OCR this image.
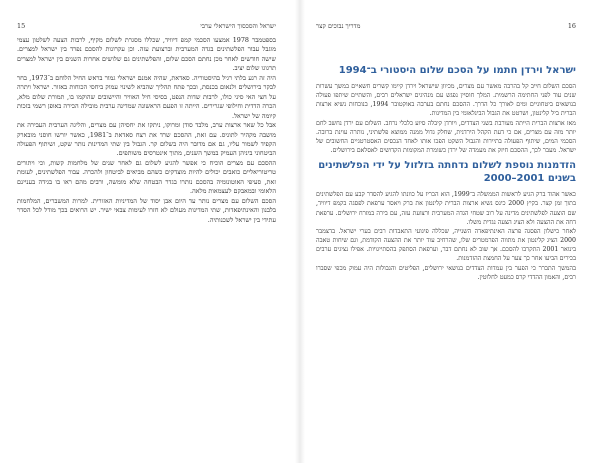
15	ישראל והסכסוך הישראלי ערבי

בספטמבר 1978 אמצעו הסכמי קמפ דיוויד, שכללו מסגרת לשלום מקיף, לרבות הצעה לשלטון עצמי מוגבל עבור הפלשתינים בגדה המערבית וברצועת עזה. וכן עקרונות להסכם נפרד בין ישראל למצרים. שישה חודשים לאחר מכן נחתם הסכם שלום, והפלשתינים גם שלושים אחרות השנים בין ישראל למצרים תרגוגו שלום יציב.

היה זה רגע בלתי רגיל בהיסטוריה. סאדאת, שהיה אמנם ישראלי גמור בראש החיל הלוחם ב־1973, בחר לבקר בירושלים ולנאום בכנסת, ובכך פתח תהליך שהביא לשינוי עמוק ביחסי הכוחות באזור. ישראל ויתרה על חצי האי סיני כולו, לרבות שדות הנפט, בסיסי חיל האוויר והיישובים שהוקמו בו, תמורת שלום מלא, הכרה הדדית וחילופי שגרירים. הייתה זו הפעם הראשונה שמדינה ערבית מובילה הכירה באופן רשמי בזכות קיומה של ישראל.

אבל כל שאר ארצות ערב, מלבד סודן ומרוקו, ניתקו את יחסיהן עם מצרים, והליגה הערבית העבירה את מושבה מקהיר לתוניס. עם זאת, ההסכם שרד את רצח סאדאת ב־1981, כאשר יורשו חוסני מובארק הקפיד לשמור עליו, גם אם מדובר היה בשלום קר. הגבול בין שתי המדינות נותר שקט, ושיתוף הפעולה הביטחוני ביניהן העמיק במשך השנים, מתוך אינטרסים משותפים.

ההסכם עם מצרים הוכיח כי אפשר להגיע לשלום גם לאחר שנים של מלחמות קשות, וכי ויתורים טריטוריאליים כואבים יכולים להיות מוצדקים כשהם מביאים לביטחון ולהכרה. עבור הפלשתינים, לעומת זאת, סעיפי האוטונומיה בהסכם נותרו בגדר הבטחה שלא מומשה, ורבים מהם ראו בו בגידה בעניינם הלאומי ובמאבקם לעצמאות מלאה.

הסכם השלום עם מצרים נותר עד היום אבן יסוד של המדיניות האזורית. למרות המשברים, המלחמות בלבנון והאינתיפאדות, שתי המדינות מעולם לא חזרו לעימות צבאי ישיר. יש הרואים בכך מודל לכל הסדר עתידי בין ישראל לשכנותיה.

מדריך נבוכים קצר	16
ישראל וירדן חתמו על הסכם שלום היסטורי ב־1994

הסכם השלום חייב קל בהרבה מאשר עם מצרים, מכיוון שישראל וירדן קיימו קשרים חשאיים במשך עשרות שנים עוד לפני החתימה הרשמית. המלך חוסיין נפגש עם מנהיגים ישראלים רבים, והשתיים שיתפו פעולה בנושאים ביטחוניים ומים לאורך כל הדרך. ההסכם נחתם בערבה באוקטובר 1994, בנוכחות נשיא ארצות הברית ביל קלינטון, ושרטט את הגבול הבינלאומי בין המדינות.

מאז ארצות הברית הייתה מעורבת בשני הצדדים, ויורדן קיבלה סיוע כלכלי נרחב. השלום עם ירדן נחשב לחם יותר מזה עם מצרים, אם כי דעת הקהל הירדנית, שחלק גדול ממנה ממוצא פלשתיני, נותרה עוינת ברובה. הסכמי המים, שיתוף הפעולה בתיירות והגבול השקט הפכו אותו לאחד הנכסים האסטרטגיים החשובים של ישראל. מעבר לכך, ההסכם חיזק את מעמדה של ירדן כשומרת המקומות הקדושים לאסלאם בירושלים.

הזדמנות נוספת לשלום נדחתה בזלזול על ידי הפלשתינים בשנים 2001–2000

כאשר אהוד ברק הגיע לראשות הממשלה ב־1999, הוא הכריז על כוונתו להגיע להסדר קבע עם הפלשתינים בתוך זמן קצר. בקיץ 2000 כינס נשיא ארצות הברית קלינטון את ברק ויאסר ערפאת לפסגה בקמפ דיוויד, שם הוצעה לפלשתינים מדינה על רוב שטחי הגדה המערבית ורצועת עזה, עם בירה במזרח ירושלים. ערפאת דחה את ההצעה ולא הציג הצעה נגדית משלו.

לאחר כישלון הפסגה פרצה האינתיפאדה השנייה, שכללה פיגועי התאבדות רבים בערי ישראל. בדצמבר 2000 הציג קלינטון את מתווה הפרמטרים שלו, שהרחיב עוד יותר את ההצעה הקודמת, וגם שיחות טאבה בינואר 2001 התקרבו להסכם. אך שוב לא נחתם דבר, וערפאת הסתפק בהסתייגויות. אפילו נציגים ערבים בכירים הביעו אחר כך צער על החמצת ההזדמנות.

בהמשך התברר כי הפער בין עמדות הצדדים בנושאי ירושלים, הפליטים והגבולות היה עמוק מכפי שסברו רבים, והאמון ההדדי קרס כמעט לחלוטין.
